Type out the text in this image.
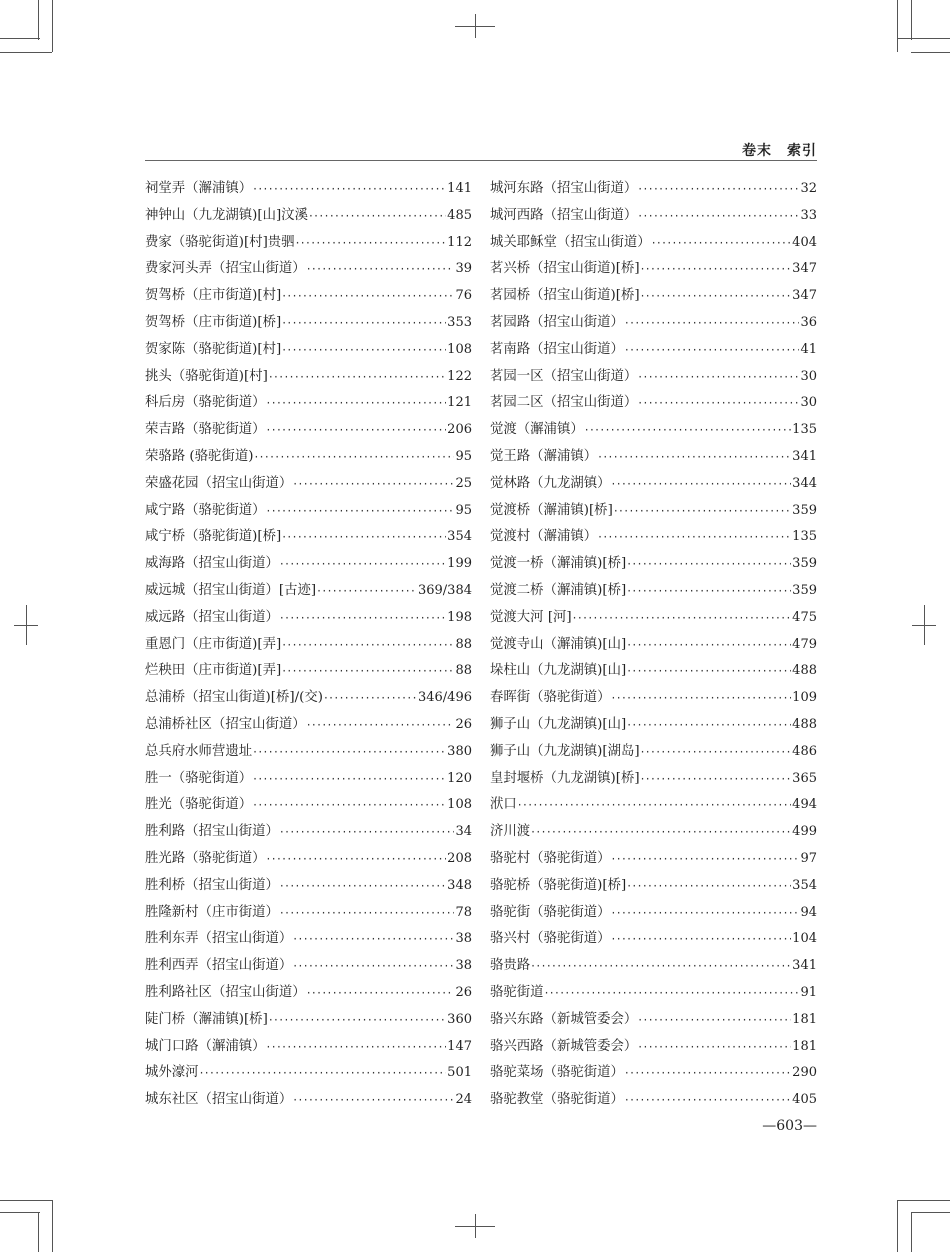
卷末　索引
祠堂弄（澥浦镇） ·····	141
神钟山（九龙湖镇)[山]汶溪 ·····	485
费家（骆驼街道)[村]贵驷 ·····	112
费家河头弄（招宝山街道） ·····	39
贺驾桥（庄市街道)[村] ·····	76
贺驾桥（庄市街道)[桥] ·····	353
贺家陈（骆驼街道)[村] ·····	108
挑头（骆驼街道)[村] ·····	122
科后房（骆驼街道） ·····	121
荣吉路（骆驼街道） ·····	206
荣骆路 (骆驼街道) ·····	95
荣盛花园（招宝山街道） ·····	25
咸宁路（骆驼街道） ·····	95
咸宁桥（骆驼街道)[桥] ·····	354
威海路（招宝山街道） ·····	199
威远城（招宝山街道）[古迹] ·····	369/384
威远路（招宝山街道） ·····	198
重恩门（庄市街道)[弄] ·····	88
烂秧田（庄市街道)[弄] ·····	88
总浦桥（招宝山街道)[桥]/(交) ·····	346/496
总浦桥社区（招宝山街道） ·····	26
总兵府水师营遗址 ·····	380
胜一（骆驼街道） ·····	120
胜光（骆驼街道） ·····	108
胜利路（招宝山街道） ·····	34
胜光路（骆驼街道） ·····	208
胜利桥（招宝山街道） ·····	348
胜隆新村（庄市街道） ·····	78
胜利东弄（招宝山街道） ·····	38
胜利西弄（招宝山街道） ·····	38
胜利路社区（招宝山街道） ·····	26
陡门桥（澥浦镇)[桥] ·····	360
城门口路（澥浦镇） ·····	147
城外濠河 ·····	501
城东社区（招宝山街道） ·····	24
城河东路（招宝山街道） ·····	32
城河西路（招宝山街道） ·····	33
城关耶稣堂（招宝山街道） ·····	404
茗兴桥（招宝山街道)[桥] ·····	347
茗园桥（招宝山街道)[桥] ·····	347
茗园路（招宝山街道） ·····	36
茗南路（招宝山街道） ·····	41
茗园一区（招宝山街道） ·····	30
茗园二区（招宝山街道） ·····	30
觉渡（澥浦镇） ·····	135
觉王路（澥浦镇） ·····	341
觉林路（九龙湖镇） ·····	344
觉渡桥（澥浦镇)[桥] ·····	359
觉渡村（澥浦镇） ·····	135
觉渡一桥（澥浦镇)[桥] ·····	359
觉渡二桥（澥浦镇)[桥] ·····	359
觉渡大河 [河] ·····	475
觉渡寺山（澥浦镇)[山] ·····	479
垛柱山（九龙湖镇)[山] ·····	488
春晖街（骆驼街道） ·····	109
狮子山（九龙湖镇)[山] ·····	488
狮子山（九龙湖镇)[湖岛] ·····	486
皇封堰桥（九龙湖镇)[桥] ·····	365
洑口 ·····	494
济川渡 ·····	499
骆驼村（骆驼街道） ·····	97
骆驼桥（骆驼街道)[桥] ·····	354
骆驼街（骆驼街道） ·····	94
骆兴村（骆驼街道） ·····	104
骆贵路 ·····	341
骆驼街道 ·····	91
骆兴东路（新城管委会） ·····	181
骆兴西路（新城管委会） ·····	181
骆驼菜场（骆驼街道） ·····	290
骆驼教堂（骆驼街道） ·····	405
—603—
